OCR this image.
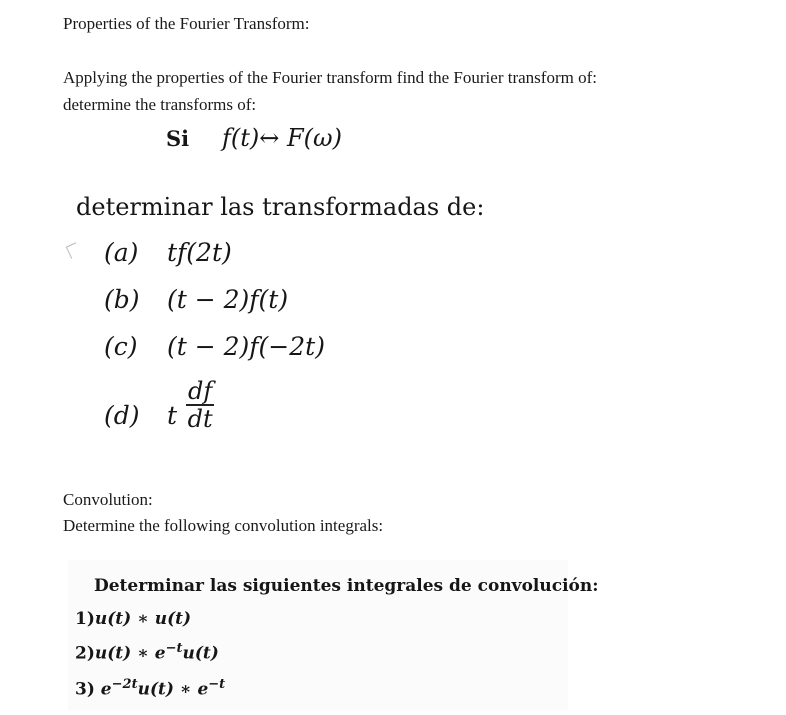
Properties of the Fourier Transform:
Applying the properties of the Fourier transform find the Fourier transform of:
determine the transforms of:
Si f(t)↔ F(ω)
determinar las transformadas de:
(a) tf(2t)
(b) (t − 2)f(t)
(c) (t − 2)f(−2t)
(d) t $\frac{df}{dt}$
Convolution:
Determine the following convolution integrals:
Determinar las siguientes integrales de convolución:
1)u(t) ∗ u(t)
2)u(t) ∗ $e^{-t}u(t)$
3) $e^{-2t}u(t)$ ∗ $e^{-t}$
